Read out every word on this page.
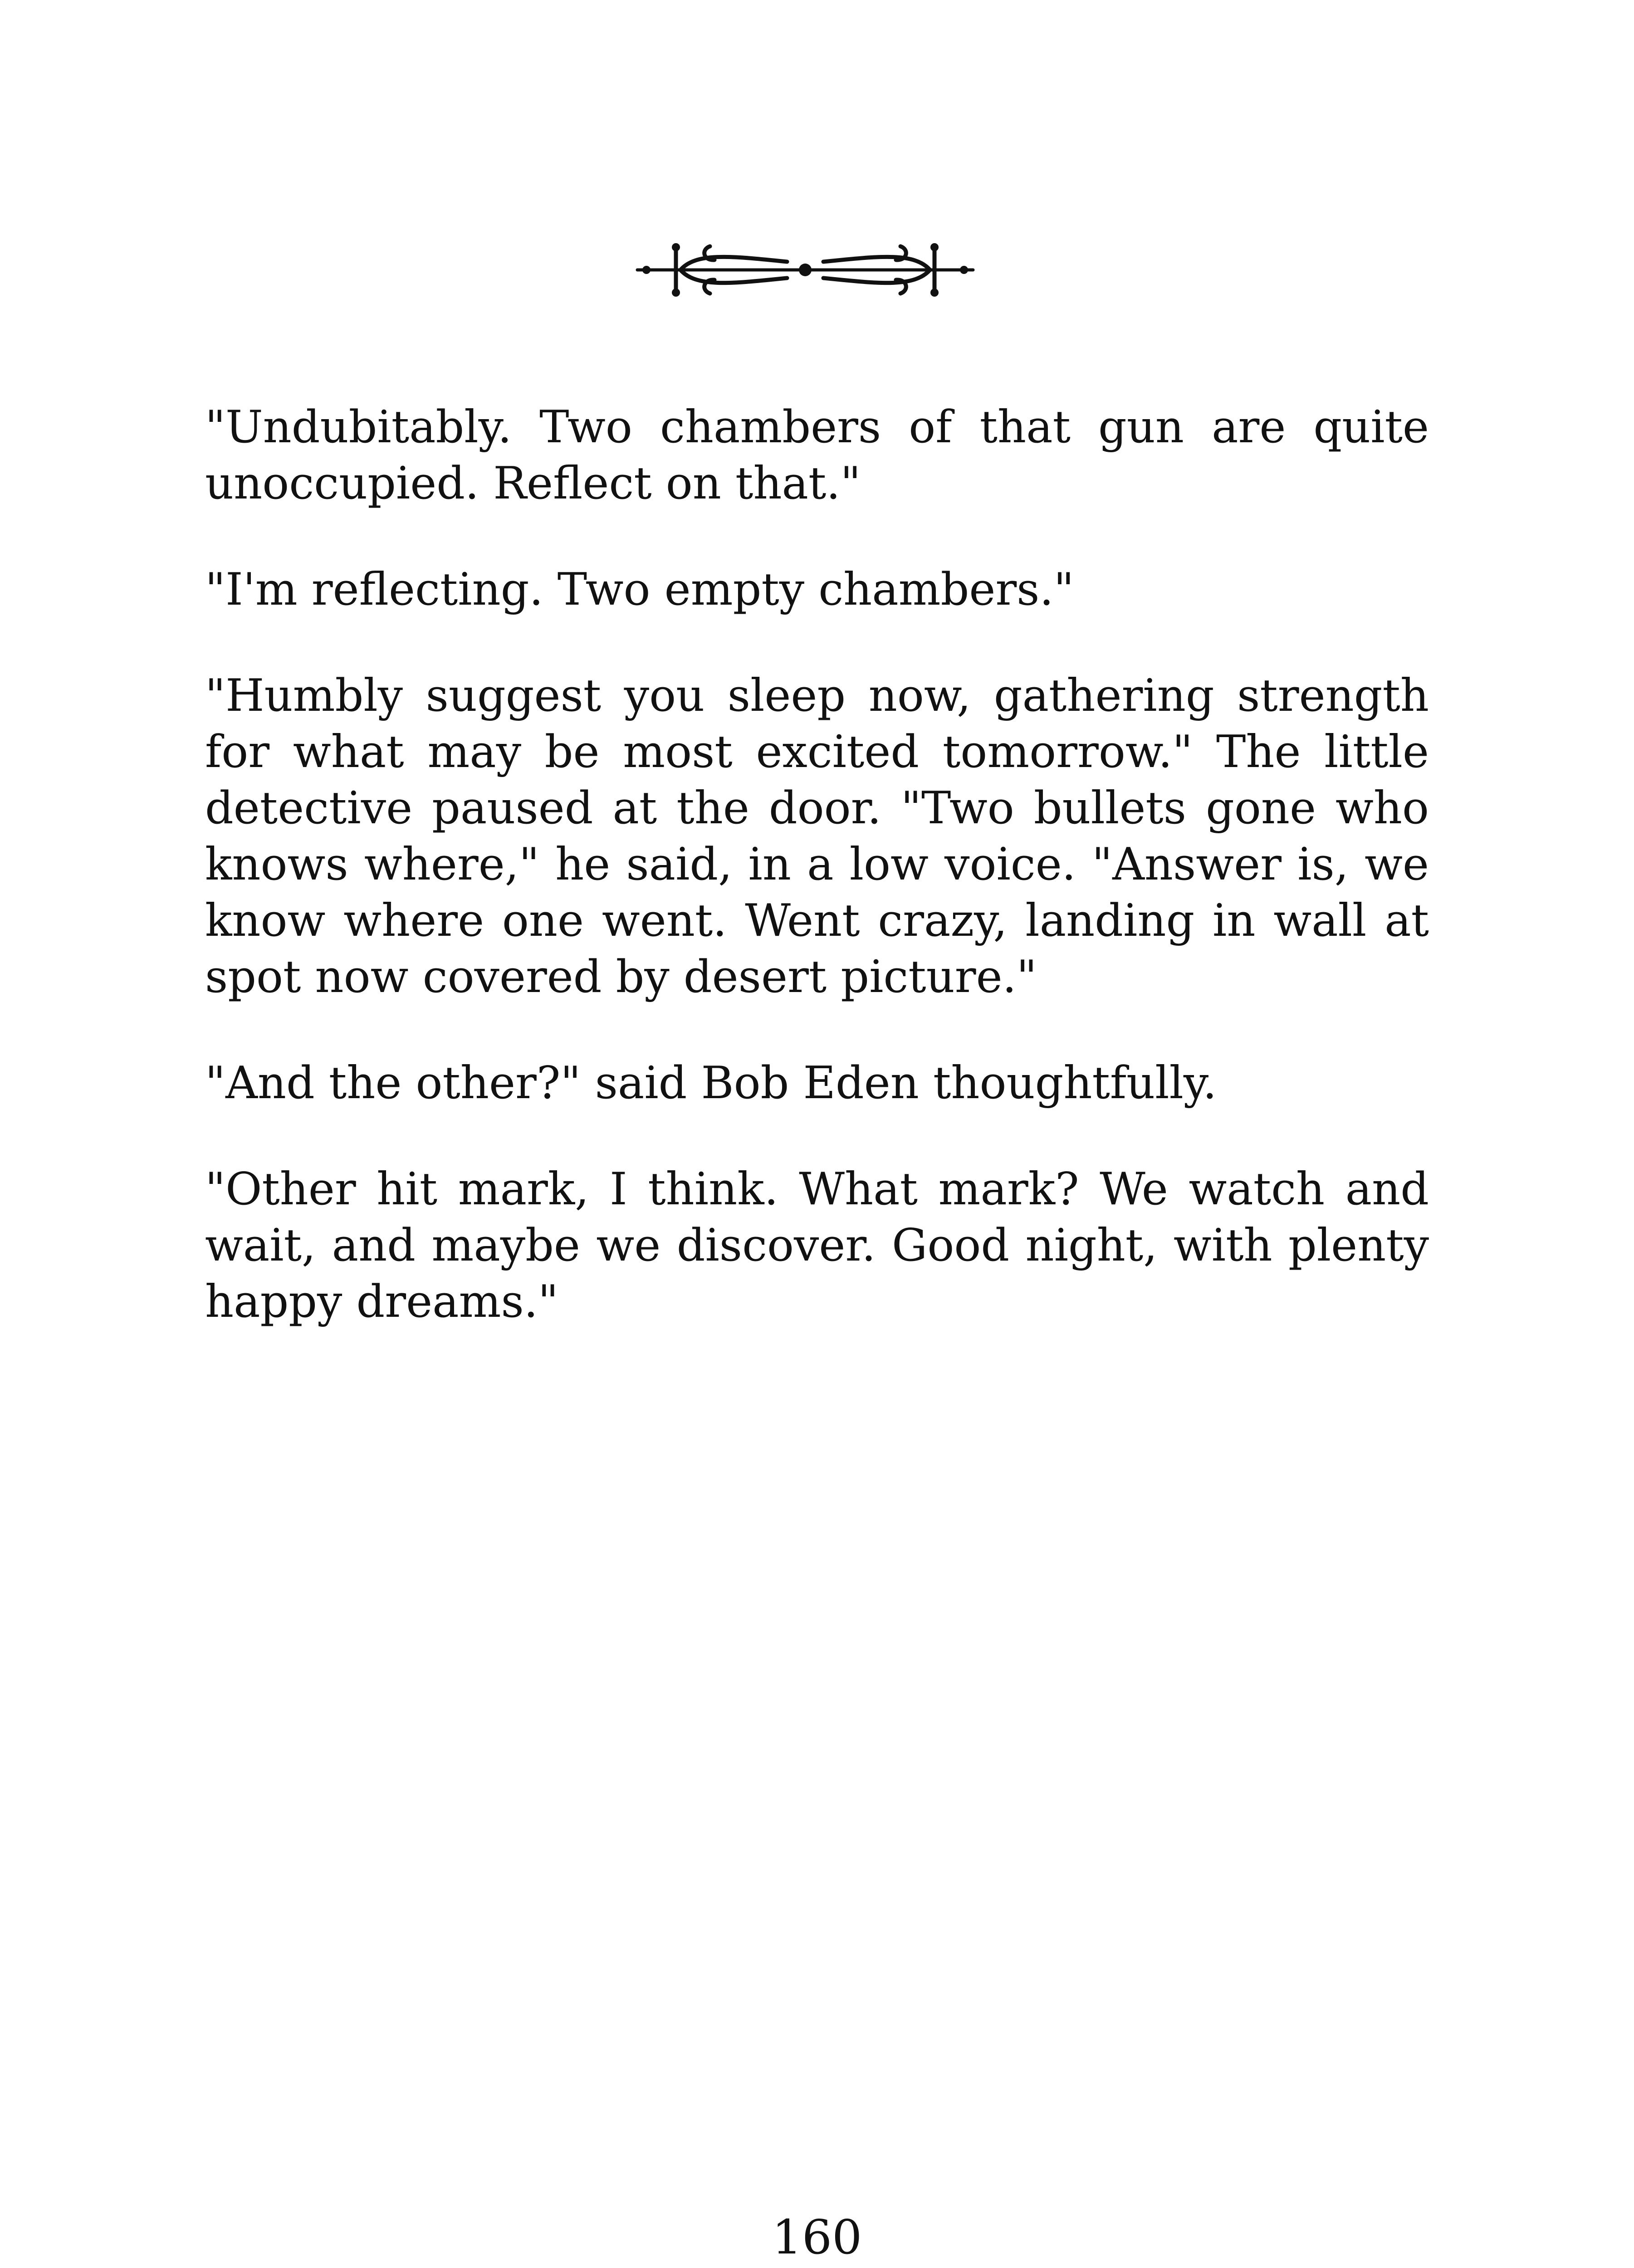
"Undubitably. Two chambers of that gun are quite unoccupied. Reflect on that."

"I'm reflecting. Two empty chambers."

"Humbly suggest you sleep now, gathering strength for what may be most excited tomorrow." The little detective paused at the door. "Two bullets gone who knows where," he said, in a low voice. "Answer is, we know where one went. Went crazy, landing in wall at spot now covered by desert picture."

"And the other?" said Bob Eden thoughtfully.

"Other hit mark, I think. What mark? We watch and wait, and maybe we discover. Good night, with plenty happy dreams."

160
